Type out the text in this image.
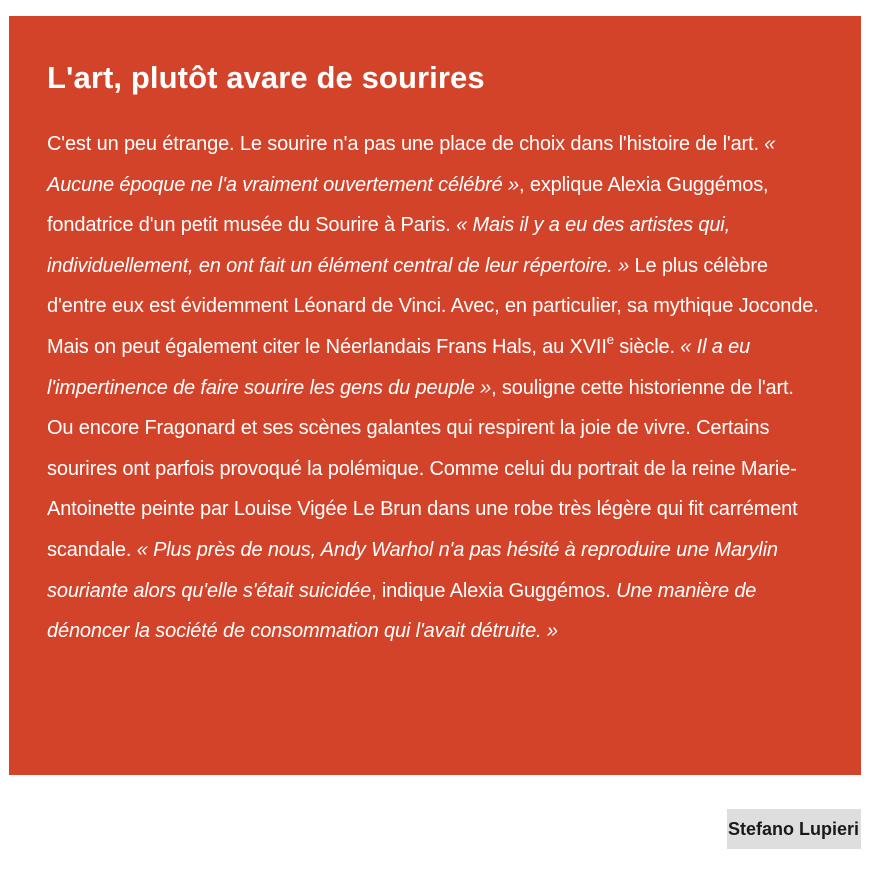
L'art, plutôt avare de sourires

C'est un peu étrange. Le sourire n'a pas une place de choix dans l'histoire de l'art. « Aucune époque ne l'a vraiment ouvertement célébré », explique Alexia Guggémos, fondatrice d'un petit musée du Sourire à Paris. « Mais il y a eu des artistes qui, individuellement, en ont fait un élément central de leur répertoire. » Le plus célèbre d'entre eux est évidemment Léonard de Vinci. Avec, en particulier, sa mythique Joconde. Mais on peut également citer le Néerlandais Frans Hals, au XVIIe siècle. « Il a eu l'impertinence de faire sourire les gens du peuple », souligne cette historienne de l'art. Ou encore Fragonard et ses scènes galantes qui respirent la joie de vivre. Certains sourires ont parfois provoqué la polémique. Comme celui du portrait de la reine Marie-Antoinette peinte par Louise Vigée Le Brun dans une robe très légère qui fit carrément scandale. « Plus près de nous, Andy Warhol n'a pas hésité à reproduire une Marylin souriante alors qu'elle s'était suicidée, indique Alexia Guggémos. Une manière de dénoncer la société de consommation qui l'avait détruite. »

Stefano Lupieri
